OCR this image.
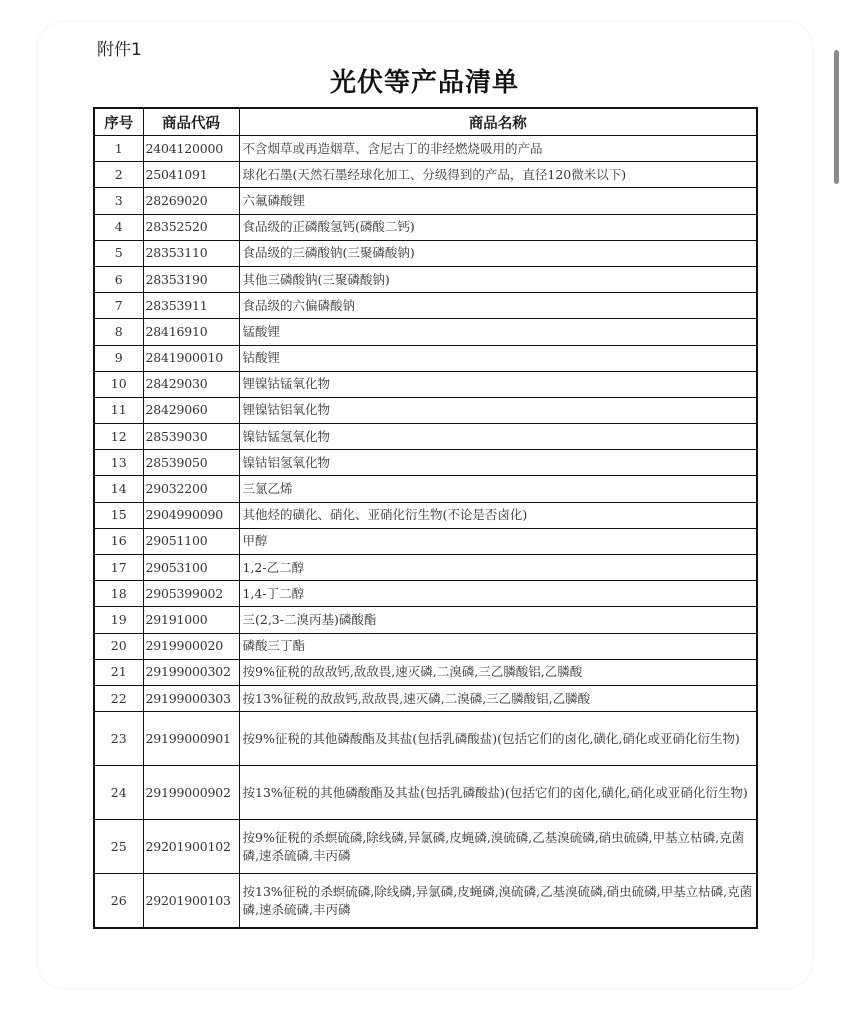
附件1
光伏等产品清单
序号	商品代码	商品名称
1	2404120000	不含烟草或再造烟草、含尼古丁的非经燃烧吸用的产品
2	25041091	球化石墨(天然石墨经球化加工、分级得到的产品，直径120微米以下)
3	28269020	六氟磷酸锂
4	28352520	食品级的正磷酸氢钙(磷酸二钙)
5	28353110	食品级的三磷酸钠(三聚磷酸钠)
6	28353190	其他三磷酸钠(三聚磷酸钠)
7	28353911	食品级的六偏磷酸钠
8	28416910	锰酸锂
9	2841900010	钴酸锂
10	28429030	锂镍钴锰氧化物
11	28429060	锂镍钴铝氧化物
12	28539030	镍钴锰氢氧化物
13	28539050	镍钴铝氢氧化物
14	29032200	三氯乙烯
15	2904990090	其他烃的磺化、硝化、亚硝化衍生物(不论是否卤化)
16	29051100	甲醇
17	29053100	1,2-乙二醇
18	2905399002	1,4-丁二醇
19	29191000	三(2,3-二溴丙基)磷酸酯
20	2919900020	磷酸三丁酯
21	29199000302	按9%征税的敌敌钙,敌敌畏,速灭磷,二溴磷,三乙膦酸铝,乙膦酸
22	29199000303	按13%征税的敌敌钙,敌敌畏,速灭磷,二溴磷,三乙膦酸铝,乙膦酸
23	29199000901	按9%征税的其他磷酸酯及其盐(包括乳磷酸盐)(包括它们的卤化,磺化,硝化或亚硝化衍生物)
24	29199000902	按13%征税的其他磷酸酯及其盐(包括乳磷酸盐)(包括它们的卤化,磺化,硝化或亚硝化衍生物)
25	29201900102	按9%征税的杀螟硫磷,除线磷,异氯磷,皮蝇磷,溴硫磷,乙基溴硫磷,硝虫硫磷,甲基立枯磷,克菌磷,速杀硫磷,丰丙磷
26	29201900103	按13%征税的杀螟硫磷,除线磷,异氯磷,皮蝇磷,溴硫磷,乙基溴硫磷,硝虫硫磷,甲基立枯磷,克菌磷,速杀硫磷,丰丙磷
